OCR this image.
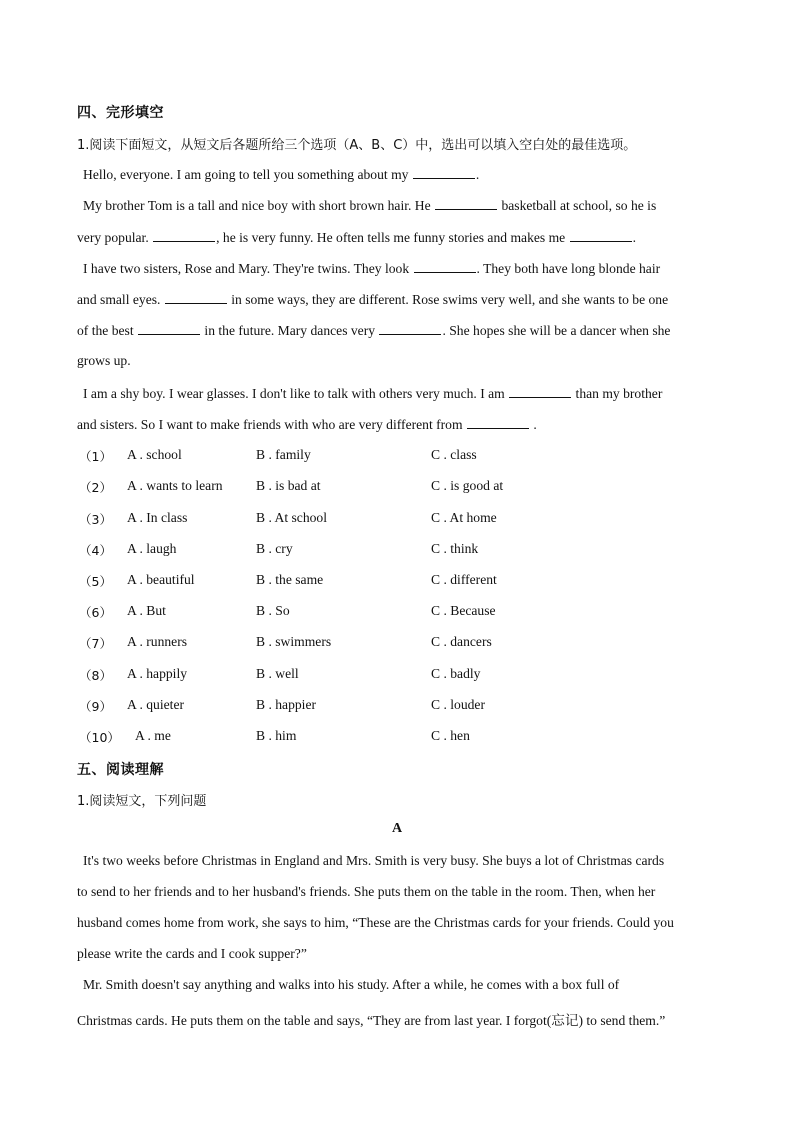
四、完形填空
1.阅读下面短文，从短文后各题所给三个选项（A、B、C）中，选出可以填入空白处的最佳选项。
Hello, everyone. I am going to tell you something about my	.
My brother Tom is a tall and nice boy with short brown hair. He	basketball at school, so he is
very popular.	, he is very funny. He often tells me funny stories and makes me	.
I have two sisters, Rose and Mary. They're twins. They look	. They both have long blonde hair
and small eyes.	in some ways, they are different. Rose swims very well, and she wants to be one
of the best	in the future. Mary dances very	. She hopes she will be a dancer when she
grows up.
I am a shy boy. I wear glasses. I don't like to talk with others very much. I am	than my brother
and sisters. So I want to make friends with who are very different from	.
（1） A . school	B . family	C . class
（2） A . wants to learn B . is bad at	C . is good at
（3） A . In class	B . At school	C . At home
（4） A . laugh	B . cry	C . think
（5） A . beautiful	B . the same	C . different
（6） A . But	B . So	C . Because
（7） A . runners	B . swimmers	C . dancers
（8） A . happily	B . well	C . badly
（9） A . quieter	B . happier	C . louder
（10） A . me	B . him	C . hen
五、阅读理解
1.阅读短文，下列问题
A
It's two weeks before Christmas in England and Mrs. Smith is very busy. She buys a lot of Christmas cards
to send to her friends and to her husband's friends. She puts them on the table in the room. Then, when her
husband comes home from work, she says to him, “These are the Christmas cards for your friends. Could you
please write the cards and I cook supper?”
Mr. Smith doesn't say anything and walks into his study. After a while, he comes with a box full of
Christmas cards. He puts them on the table and says, “They are from last year. I forgot(忘记) to send them.”
